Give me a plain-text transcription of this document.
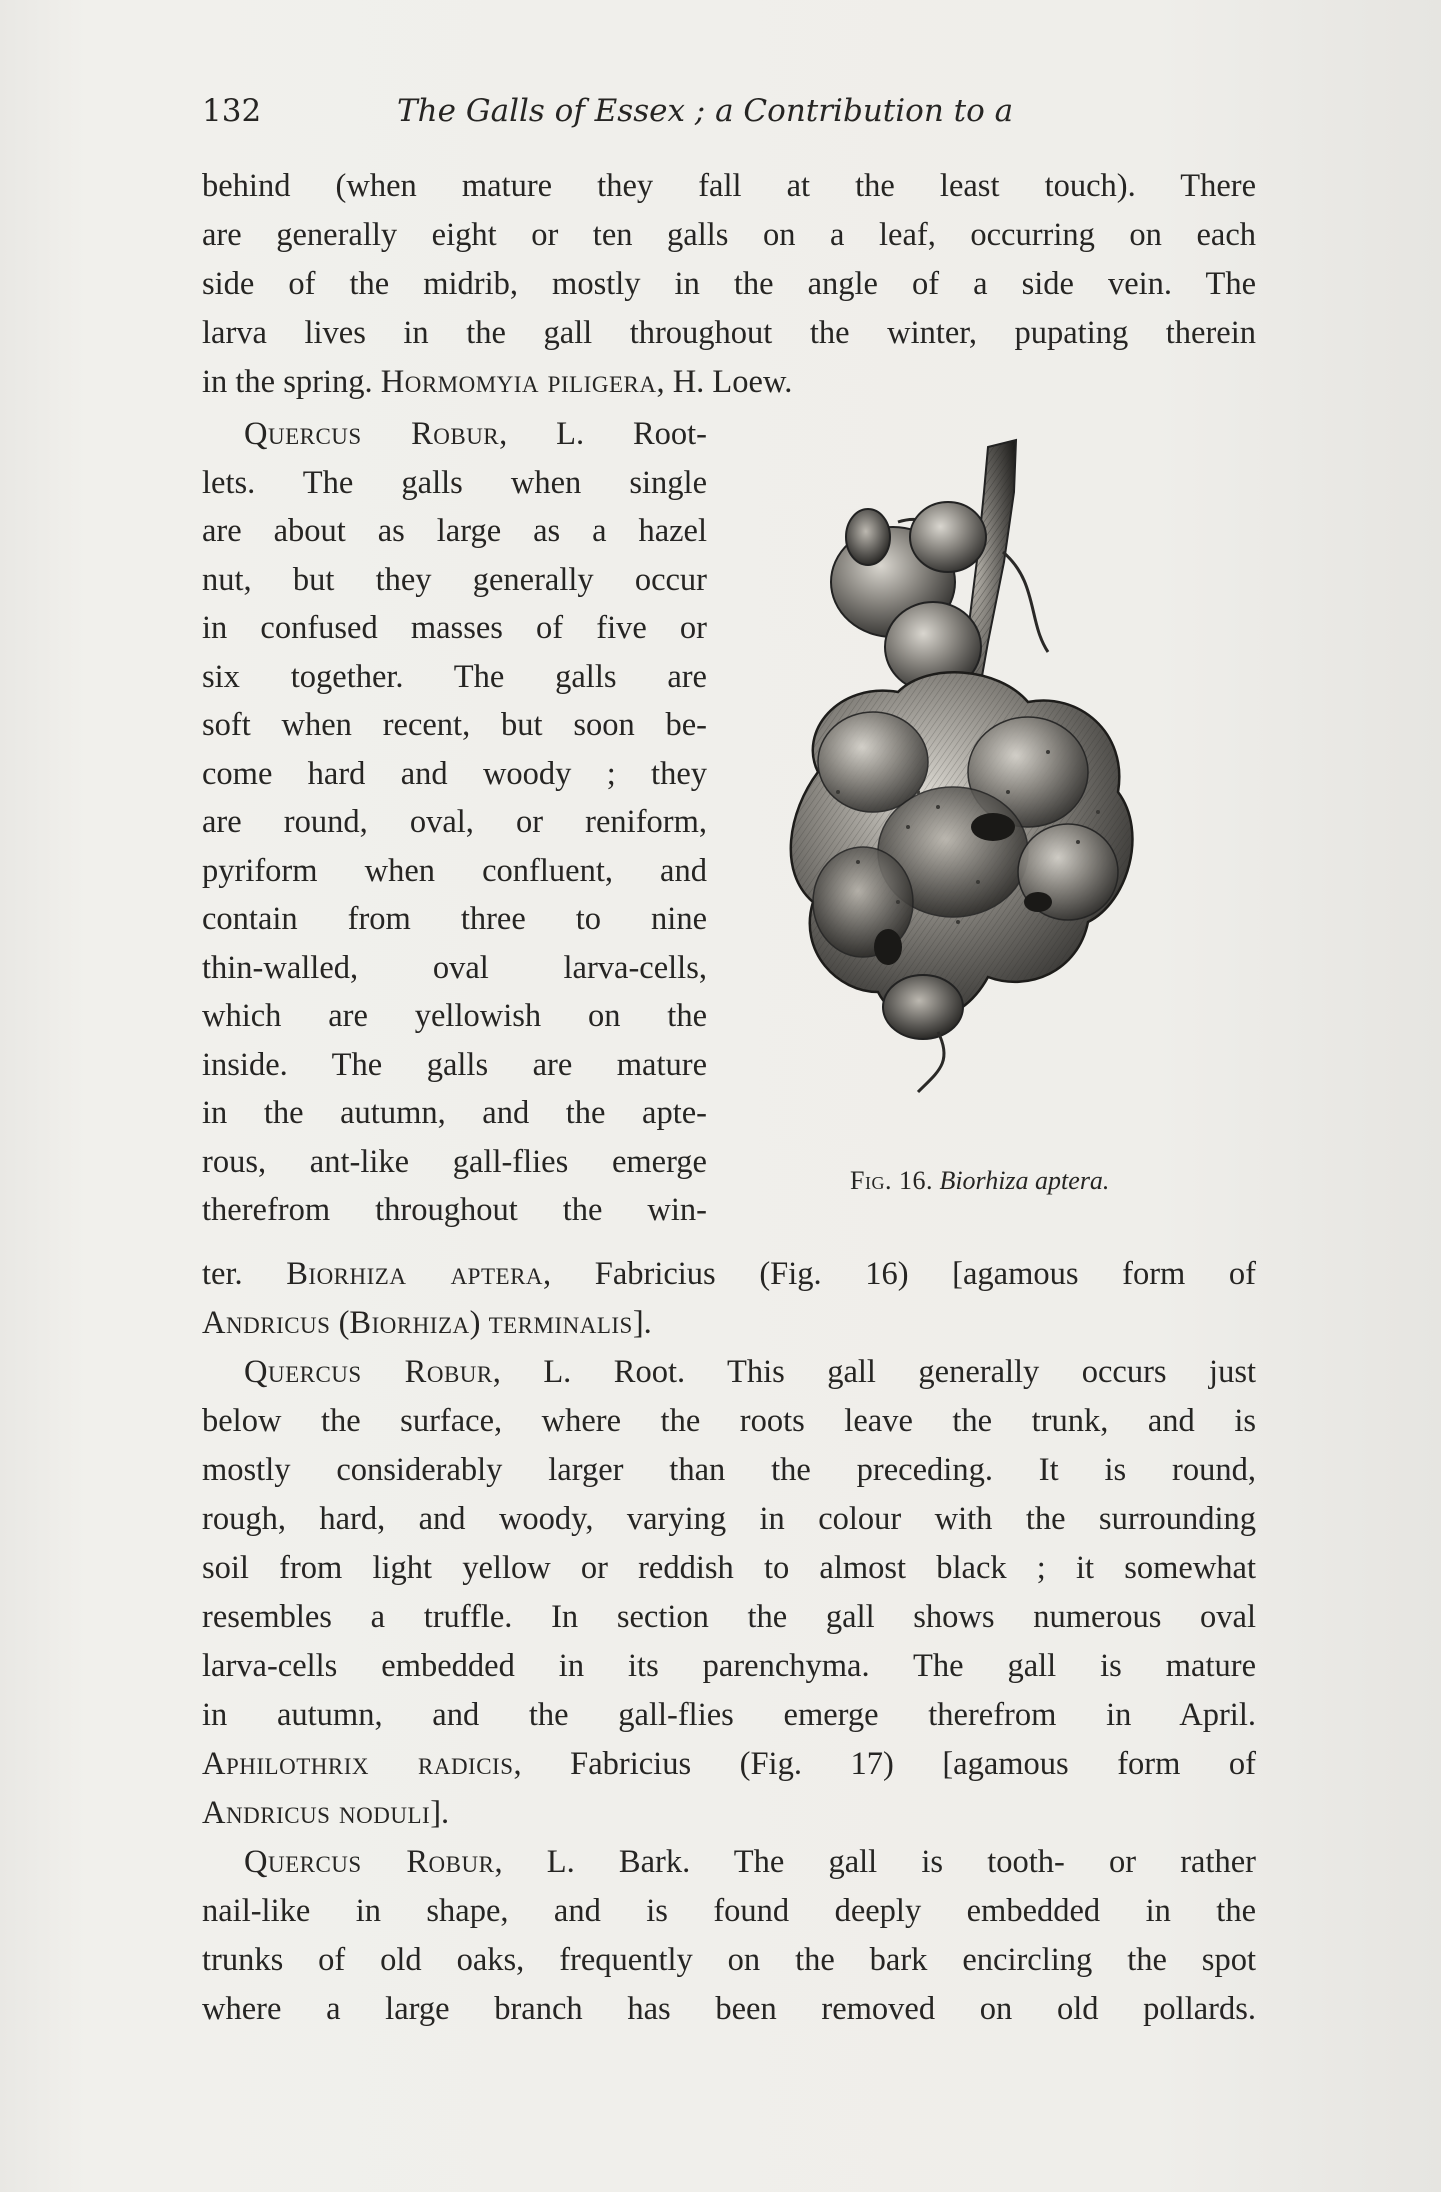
132	The Galls of Essex ; a Contribution to a
behind (when mature they fall at the least touch). There
are generally eight or ten galls on a leaf, occurring on each
side of the midrib, mostly in the angle of a side vein. The
larva lives in the gall throughout the winter, pupating therein
in the spring. Hormomyia piligera, H. Loew.
Quercus Robur, L. Root-
lets. The galls when single
are about as large as a hazel
nut, but they generally occur
in confused masses of five or
six together. The galls are
soft when recent, but soon be-
come hard and woody ; they
are round, oval, or reniform,
pyriform when confluent, and
contain from three to nine
thin-walled, oval larva-cells,
which are yellowish on the
inside. The galls are mature
in the autumn, and the apte-
rous, ant-like gall-flies emerge
therefrom throughout the win-
Fig. 16. Biorhiza aptera.
ter. Biorhiza aptera, Fabricius (Fig. 16) [agamous form of
Andricus (Biorhiza) terminalis].
Quercus Robur, L. Root. This gall generally occurs just
below the surface, where the roots leave the trunk, and is
mostly considerably larger than the preceding. It is round,
rough, hard, and woody, varying in colour with the surrounding
soil from light yellow or reddish to almost black ; it somewhat
resembles a truffle. In section the gall shows numerous oval
larva-cells embedded in its parenchyma. The gall is mature
in autumn, and the gall-flies emerge therefrom in April.
Aphilothrix radicis, Fabricius (Fig. 17) [agamous form of
Andricus noduli].
Quercus Robur, L. Bark. The gall is tooth- or rather
nail-like in shape, and is found deeply embedded in the
trunks of old oaks, frequently on the bark encircling the spot
where a large branch has been removed on old pollards.
